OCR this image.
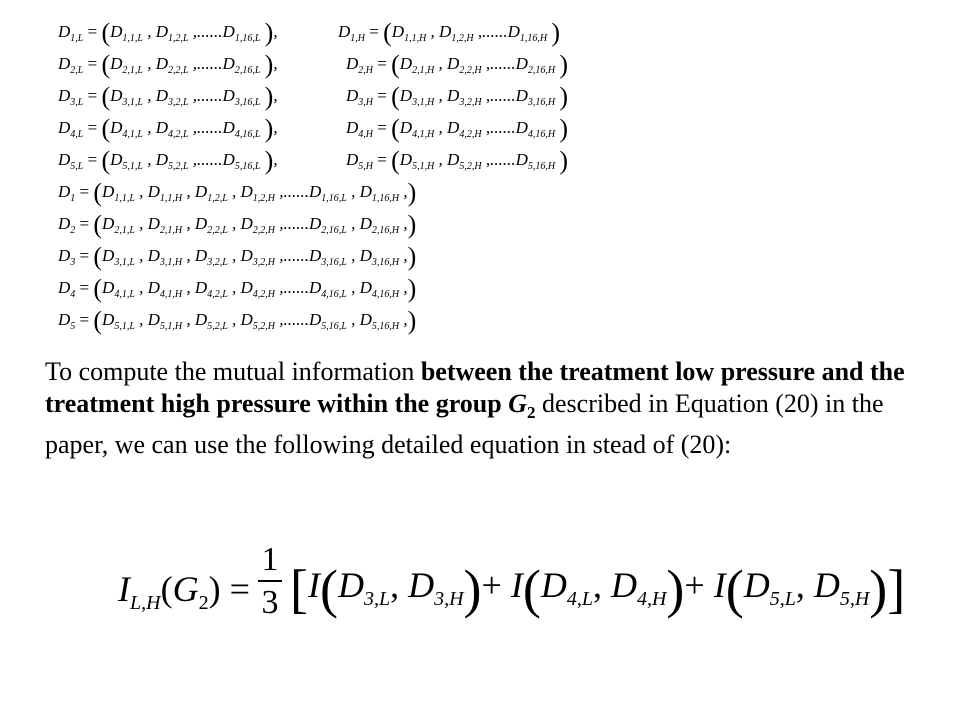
$D_{1,L} = (D_{1,1,L}$ , $D_{1,2,L}$ $,......D_{1,16,L}$ ),	$D_{1,H} = (D_{1,1,H}$ , $D_{1,2,H}$ $,......D_{1,16,H}$ )
$D_{2,L} = (D_{2,1,L}$ , $D_{2,2,L}$ $,......D_{2,16,L}$ ),	$D_{2,H} = (D_{2,1,H}$ , $D_{2,2,H}$ $,......D_{2,16,H}$ )
$D_{3,L} = (D_{3,1,L}$ , $D_{3,2,L}$ $,......D_{3,16,L}$ ),	$D_{3,H} = (D_{3,1,H}$ , $D_{3,2,H}$ $,......D_{3,16,H}$ )
$D_{4,L} = (D_{4,1,L}$ , $D_{4,2,L}$ $,......D_{4,16,L}$ ),	$D_{4,H} = (D_{4,1,H}$ , $D_{4,2,H}$ $,......D_{4,16,H}$ )
$D_{5,L} = (D_{5,1,L}$ , $D_{5,2,L}$ $,......D_{5,16,L}$ ),	$D_{5,H} = (D_{5,1,H}$ , $D_{5,2,H}$ $,......D_{5,16,H}$ )
$D_1 = (D_{1,1,L}$ , $D_{1,1,H}$ , $D_{1,2,L}$ , $D_{1,2,H}$ $,......D_{1,16,L}$ , $D_{1,16,H}$ ,)
$D_2 = (D_{2,1,L}$ , $D_{2,1,H}$ , $D_{2,2,L}$ , $D_{2,2,H}$ $,......D_{2,16,L}$ , $D_{2,16,H}$ ,)
$D_3 = (D_{3,1,L}$ , $D_{3,1,H}$ , $D_{3,2,L}$ , $D_{3,2,H}$ $,......D_{3,16,L}$ , $D_{3,16,H}$ ,)
$D_4 = (D_{4,1,L}$ , $D_{4,1,H}$ , $D_{4,2,L}$ , $D_{4,2,H}$ $,......D_{4,16,L}$ , $D_{4,16,H}$ ,)
$D_5 = (D_{5,1,L}$ , $D_{5,1,H}$ , $D_{5,2,L}$ , $D_{5,2,H}$ $,......D_{5,16,L}$ , $D_{5,16,H}$ ,)
To compute the mutual information between the treatment low pressure and the treatment high pressure within the group $G_2$ described in Equation (20) in the paper, we can use the following detailed equation in stead of (20):
$I_{L,H}(G_2)$ =
1
3 [$I(D_{3,L}$, $D_{3,H})+ I(D_{4,L}$, $D_{4,H})+ I(D_{5,L}$, $D_{5,H}$)]
